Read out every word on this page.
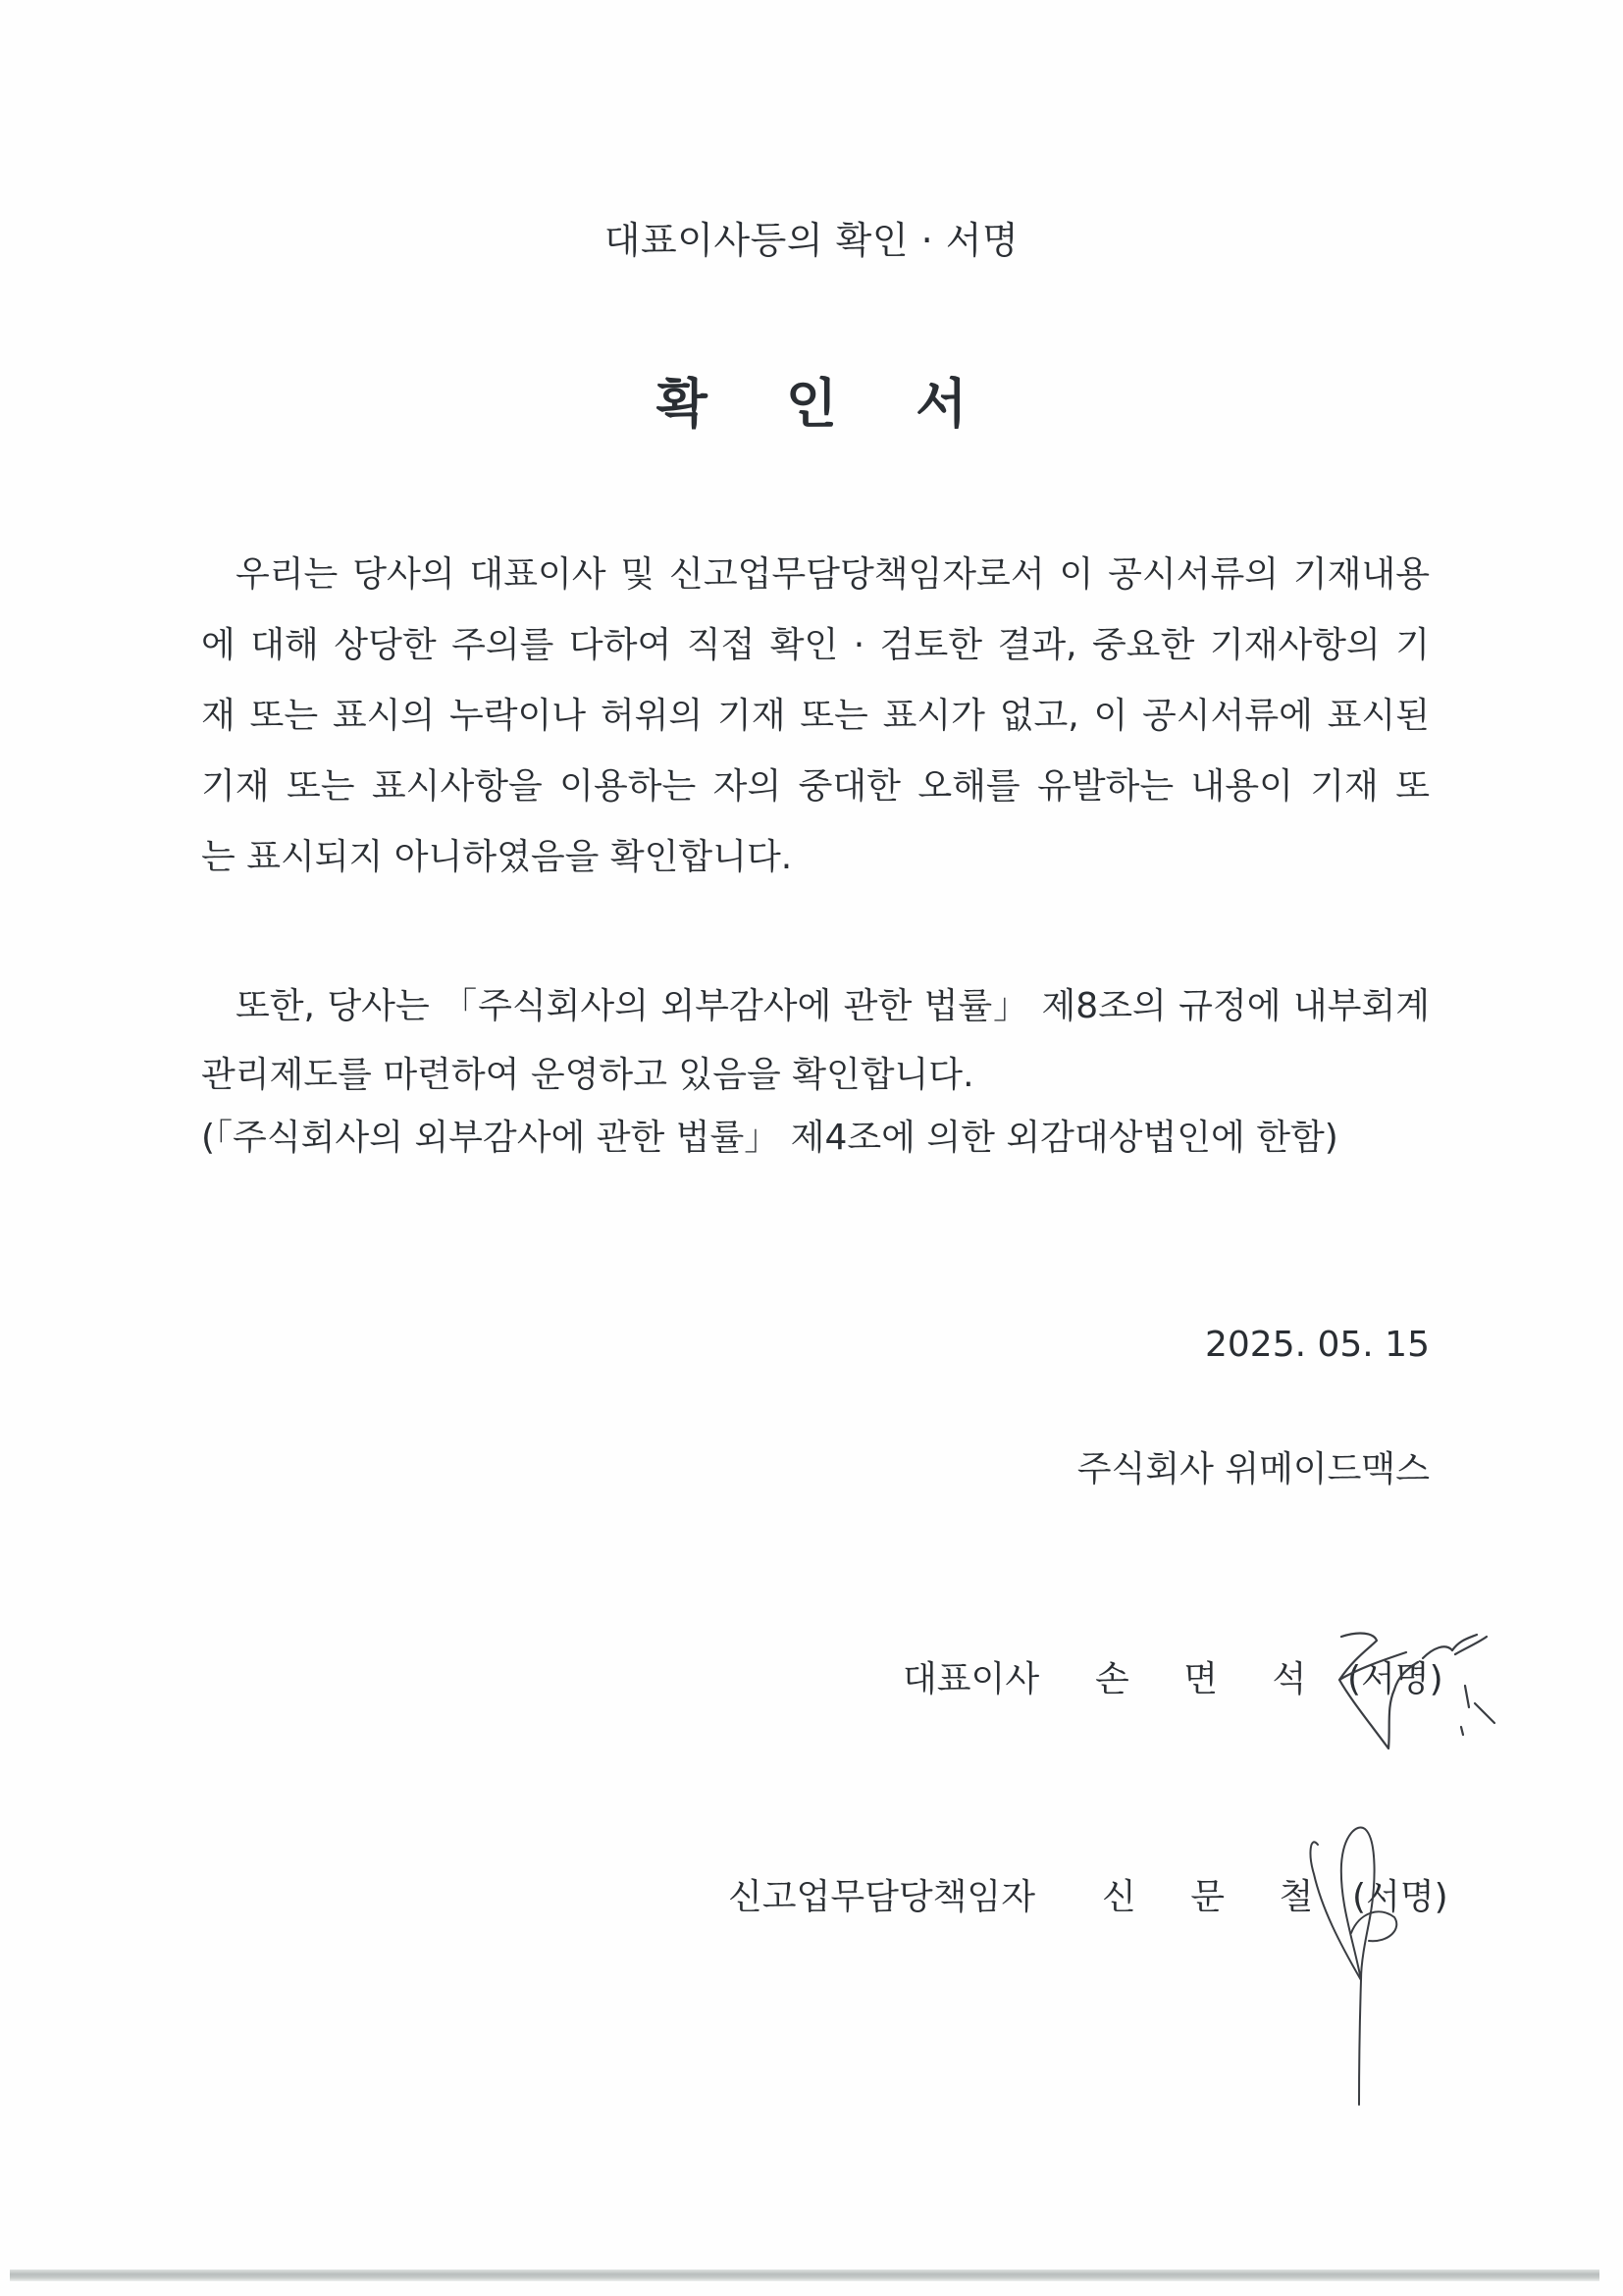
대표이사등의 확인 · 서명
확 인 서
우리는 당사의 대표이사 및 신고업무담당책임자로서 이 공시서류의 기재내용
에 대해 상당한 주의를 다하여 직접 확인 · 검토한 결과, 중요한 기재사항의 기
재 또는 표시의 누락이나 허위의 기재 또는 표시가 없고, 이 공시서류에 표시된
기재 또는 표시사항을 이용하는 자의 중대한 오해를 유발하는 내용이 기재 또
는 표시되지 아니하였음을 확인합니다.
또한, 당사는 「주식회사의 외부감사에 관한 법률」 제8조의 규정에 내부회계
관리제도를 마련하여 운영하고 있음을 확인합니다.
(「주식회사의 외부감사에 관한 법률」 제4조에 의한 외감대상법인에 한함)
2025. 05. 15
주식회사 위메이드맥스
대표이사 손 면 석 (서명)
신고업무담당책임자 신 문 철 (서명)
